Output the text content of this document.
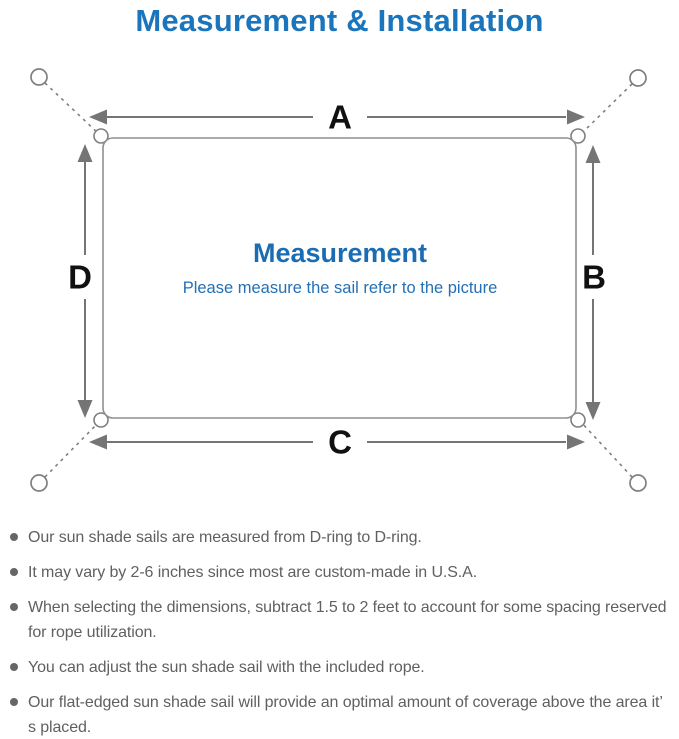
Measurement & Installation
A
B
C
D
Measurement

Please measure the sail refer to the picture

Our sun shade sails are measured from D-ring to D-ring.
It may vary by 2-6 inches since most are custom-made in U.S.A.
When selecting the dimensions, subtract 1.5 to 2 feet to account for some spacing reserved for rope utilization.
You can adjust the sun shade sail with the included rope.
Our flat-edged sun shade sail will provide an optimal amount of coverage above the area it’ s placed.
